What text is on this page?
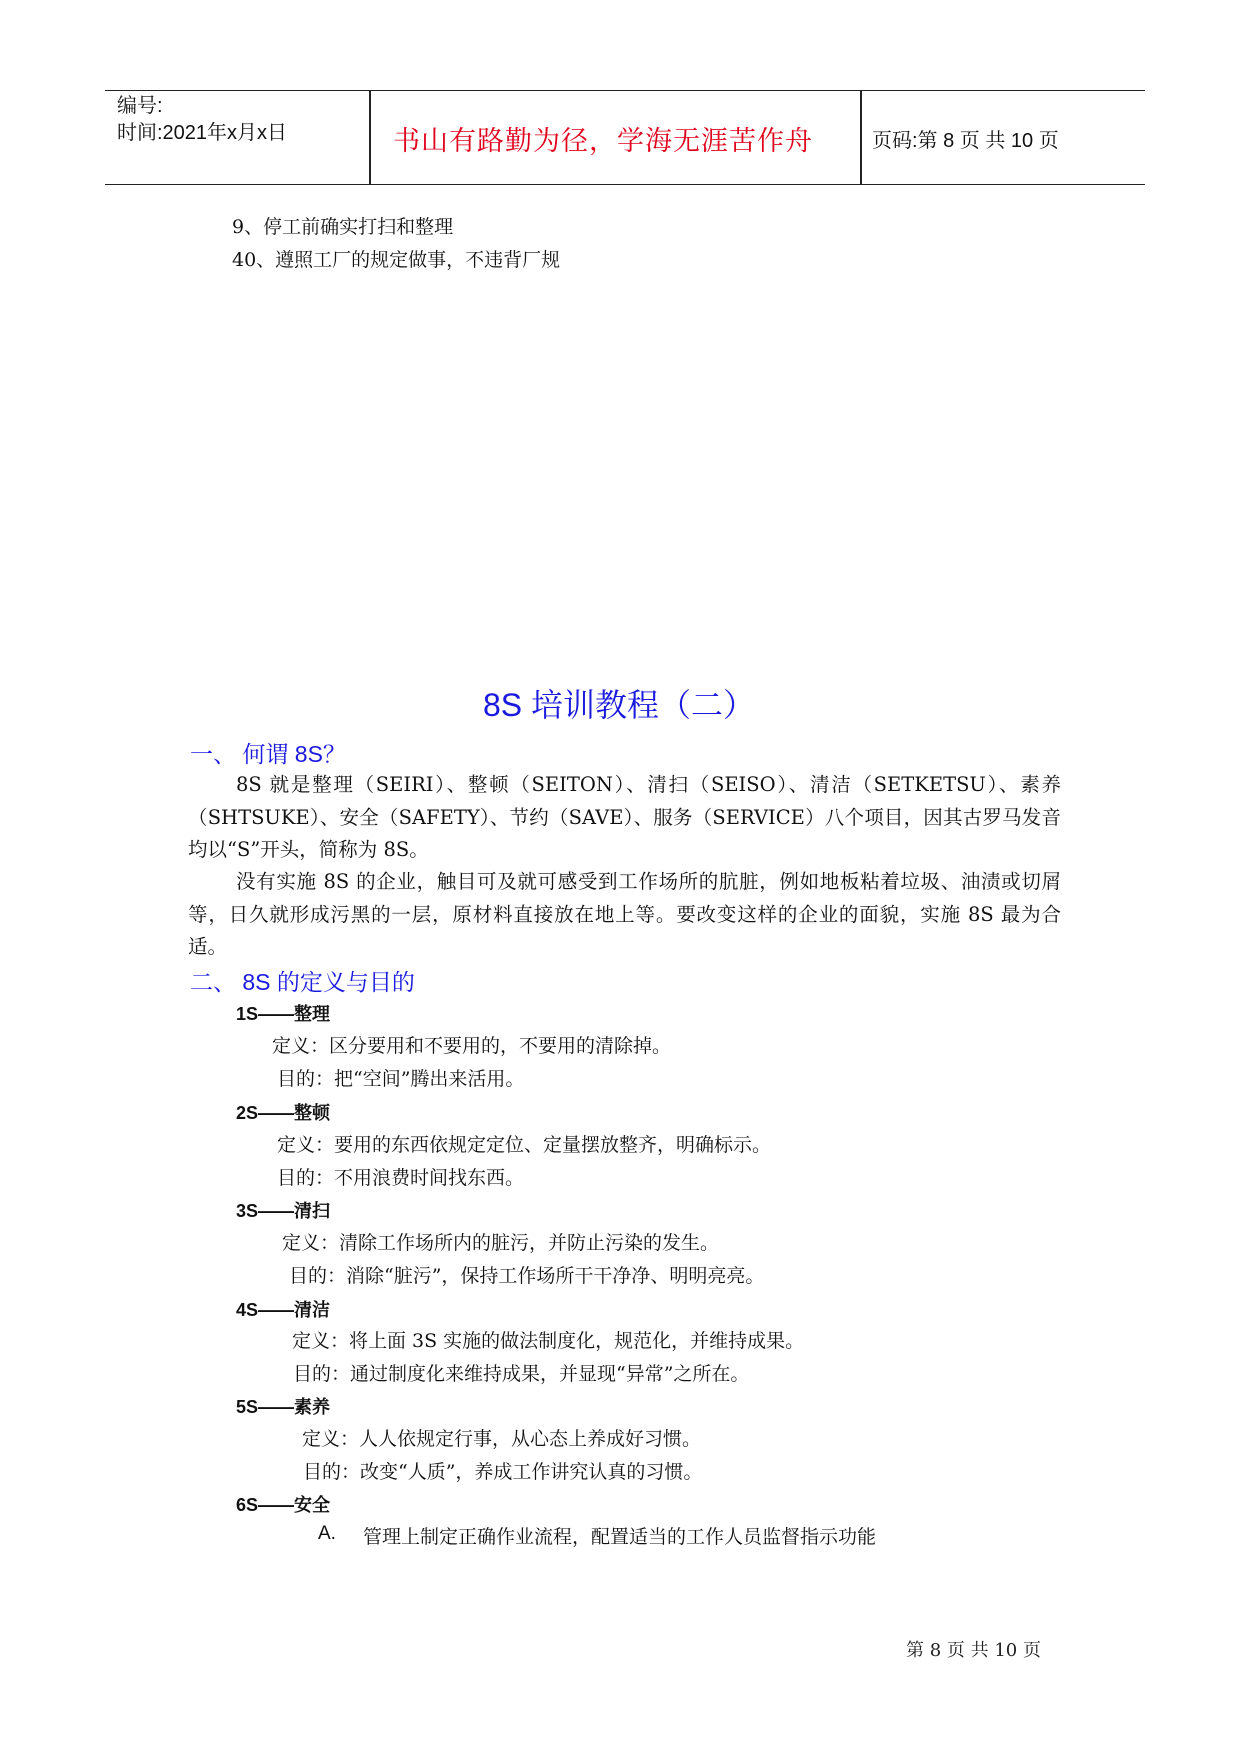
编号:
时间:2021年x月x日	书山有路勤为径，学海无涯苦作舟	页码:第 8 页 共 10 页
9、停工前确实打扫和整理
40、遵照工厂的规定做事，不违背厂规
8S 培训教程（二）
一、 何谓 8S？
8S 就是整理（SEIRI）、整顿（SEITON）、清扫（SEISO）、清洁（SETKETSU）、素养（SHTSUKE）、安全（SAFETY）、节约（SAVE）、服务（SERVICE）八个项目，因其古罗马发音均以“S”开头，简称为 8S。
没有实施 8S 的企业，触目可及就可感受到工作场所的肮脏，例如地板粘着垃圾、油渍或切屑等，日久就形成污黑的一层，原材料直接放在地上等。要改变这样的企业的面貌，实施 8S 最为合适。
二、 8S 的定义与目的
1S——整理
定义：区分要用和不要用的，不要用的清除掉。
目的：把“空间”腾出来活用。
2S——整顿
定义：要用的东西依规定定位、定量摆放整齐，明确标示。
目的：不用浪费时间找东西。
3S——清扫
定义：清除工作场所内的脏污，并防止污染的发生。
目的：消除“脏污”，保持工作场所干干净净、明明亮亮。
4S——清洁
定义：将上面 3S 实施的做法制度化，规范化，并维持成果。
目的：通过制度化来维持成果，并显现“异常”之所在。
5S——素养
定义：人人依规定行事，从心态上养成好习惯。
目的：改变“人质”，养成工作讲究认真的习惯。
6S——安全
A. 管理上制定正确作业流程，配置适当的工作人员监督指示功能
第 8 页 共 10 页
